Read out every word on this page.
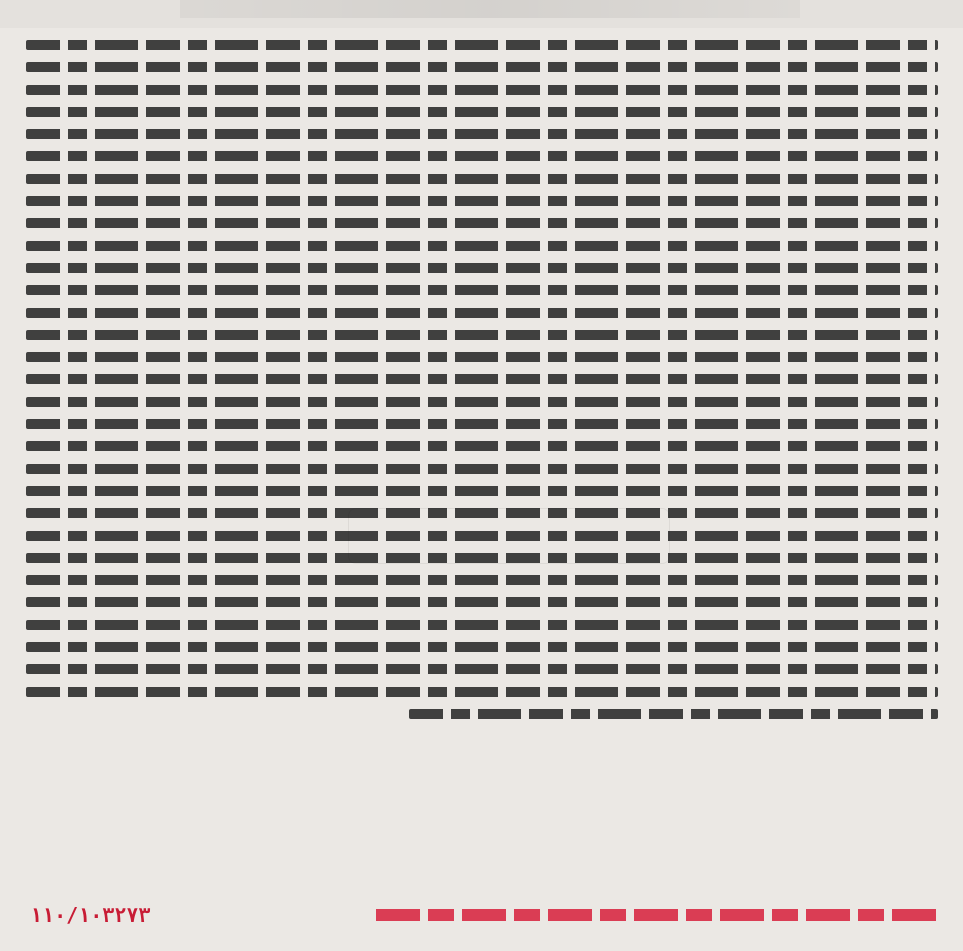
۱۱۰/۱۰۳۲۷۳
